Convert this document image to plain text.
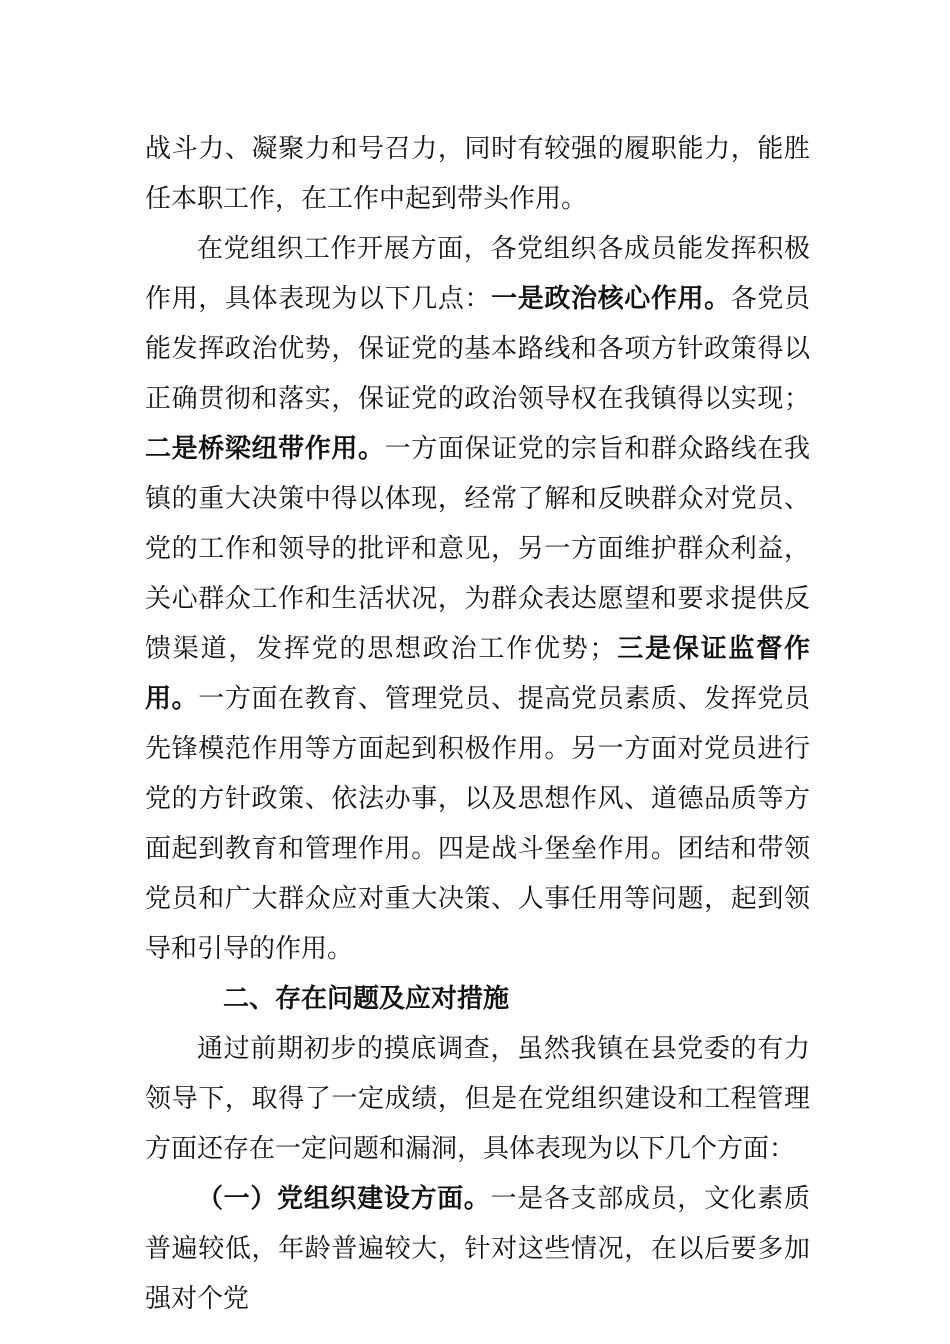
战斗力、凝聚力和号召力，同时有较强的履职能力，能胜任本职工作，在工作中起到带头作用。

在党组织工作开展方面，各党组织各成员能发挥积极作用，具体表现为以下几点：一是政治核心作用。各党员能发挥政治优势，保证党的基本路线和各项方针政策得以正确贯彻和落实，保证党的政治领导权在我镇得以实现；二是桥梁纽带作用。一方面保证党的宗旨和群众路线在我镇的重大决策中得以体现，经常了解和反映群众对党员、党的工作和领导的批评和意见，另一方面维护群众利益，关心群众工作和生活状况，为群众表达愿望和要求提供反馈渠道，发挥党的思想政治工作优势；三是保证监督作用。一方面在教育、管理党员、提高党员素质、发挥党员先锋模范作用等方面起到积极作用。另一方面对党员进行党的方针政策、依法办事，以及思想作风、道德品质等方面起到教育和管理作用。四是战斗堡垒作用。团结和带领党员和广大群众应对重大决策、人事任用等问题，起到领导和引导的作用。

二、存在问题及应对措施

通过前期初步的摸底调查，虽然我镇在县党委的有力领导下，取得了一定成绩，但是在党组织建设和工程管理方面还存在一定问题和漏洞，具体表现为以下几个方面：

（一）党组织建设方面。一是各支部成员，文化素质普遍较低，年龄普遍较大，针对这些情况，在以后要多加强对个党
